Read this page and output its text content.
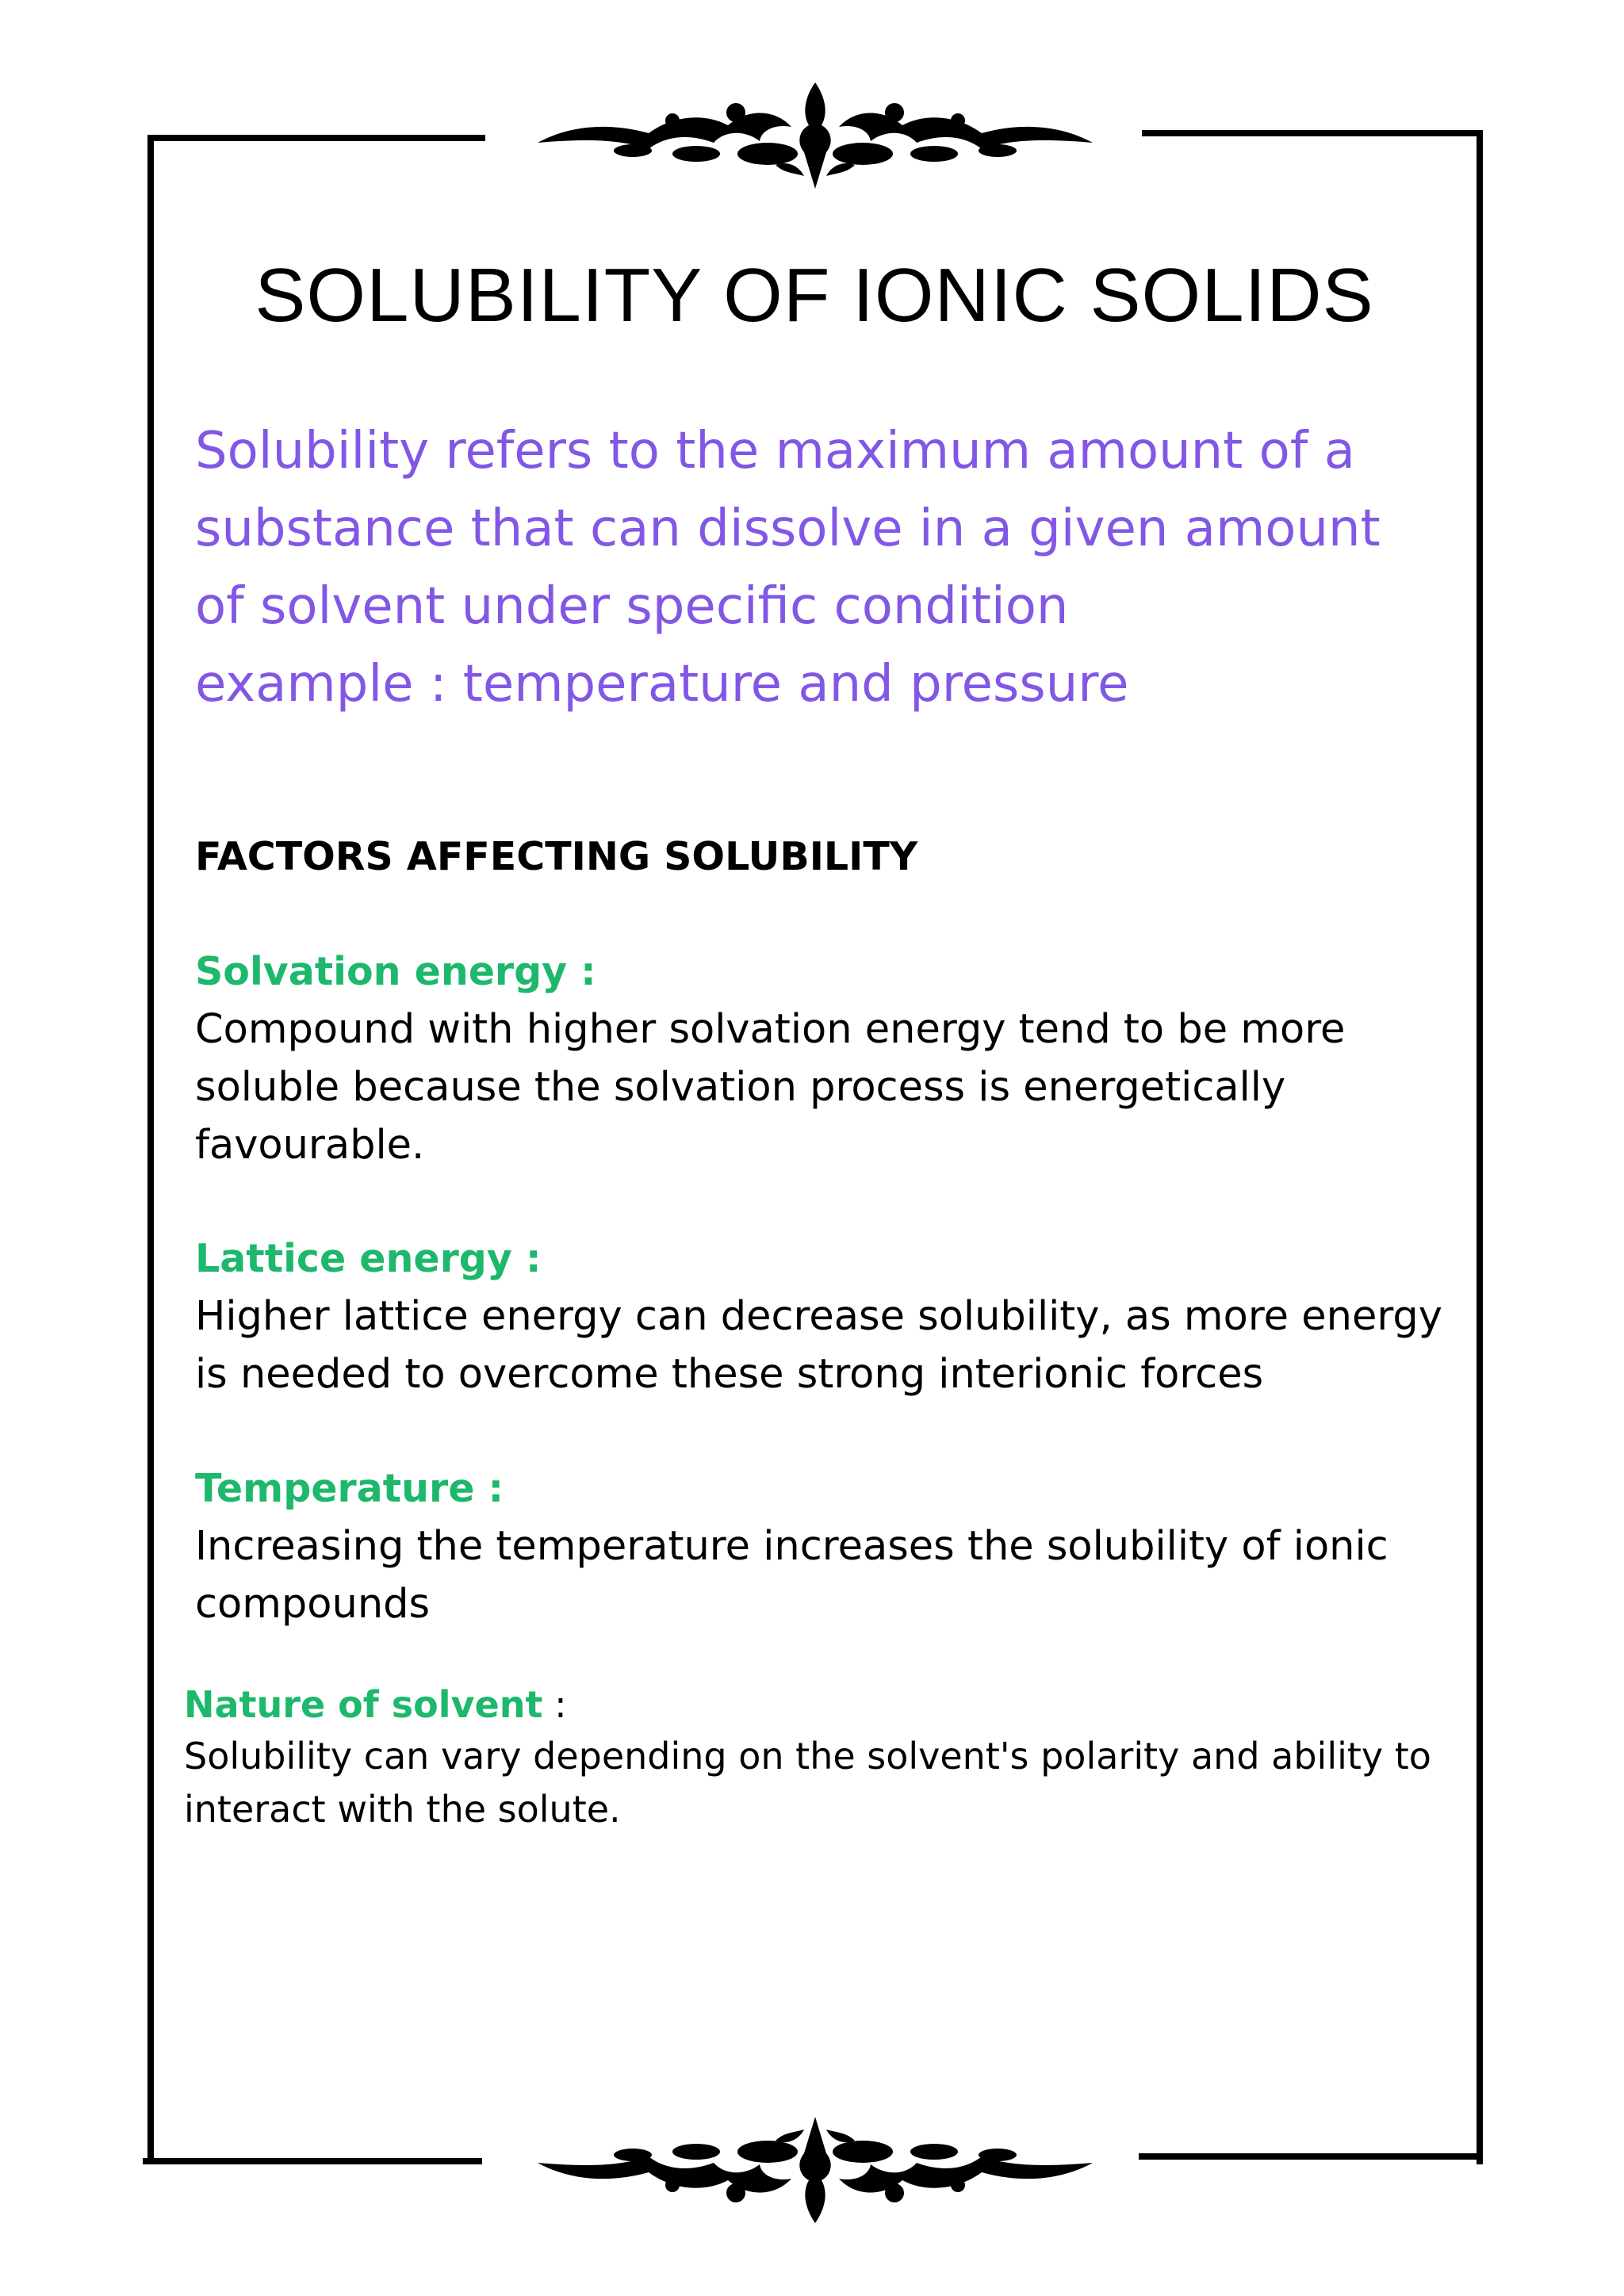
SOLUBILITY OF IONIC SOLIDS

Solubility refers to the maximum amount of a
substance that can dissolve in a given amount
of solvent under specific condition
example : temperature and pressure

FACTORS AFFECTING SOLUBILITY
Solvation energy :
Compound with higher solvation energy tend to be more
soluble because the solvation process is energetically
favourable.
Lattice energy :
Higher lattice energy can decrease solubility, as more energy
is needed to overcome these strong interionic forces
Temperature :
Increasing the temperature increases the solubility of ionic
compounds
Nature of solvent :
Solubility can vary depending on the solvent's polarity and ability to
interact with the solute.
